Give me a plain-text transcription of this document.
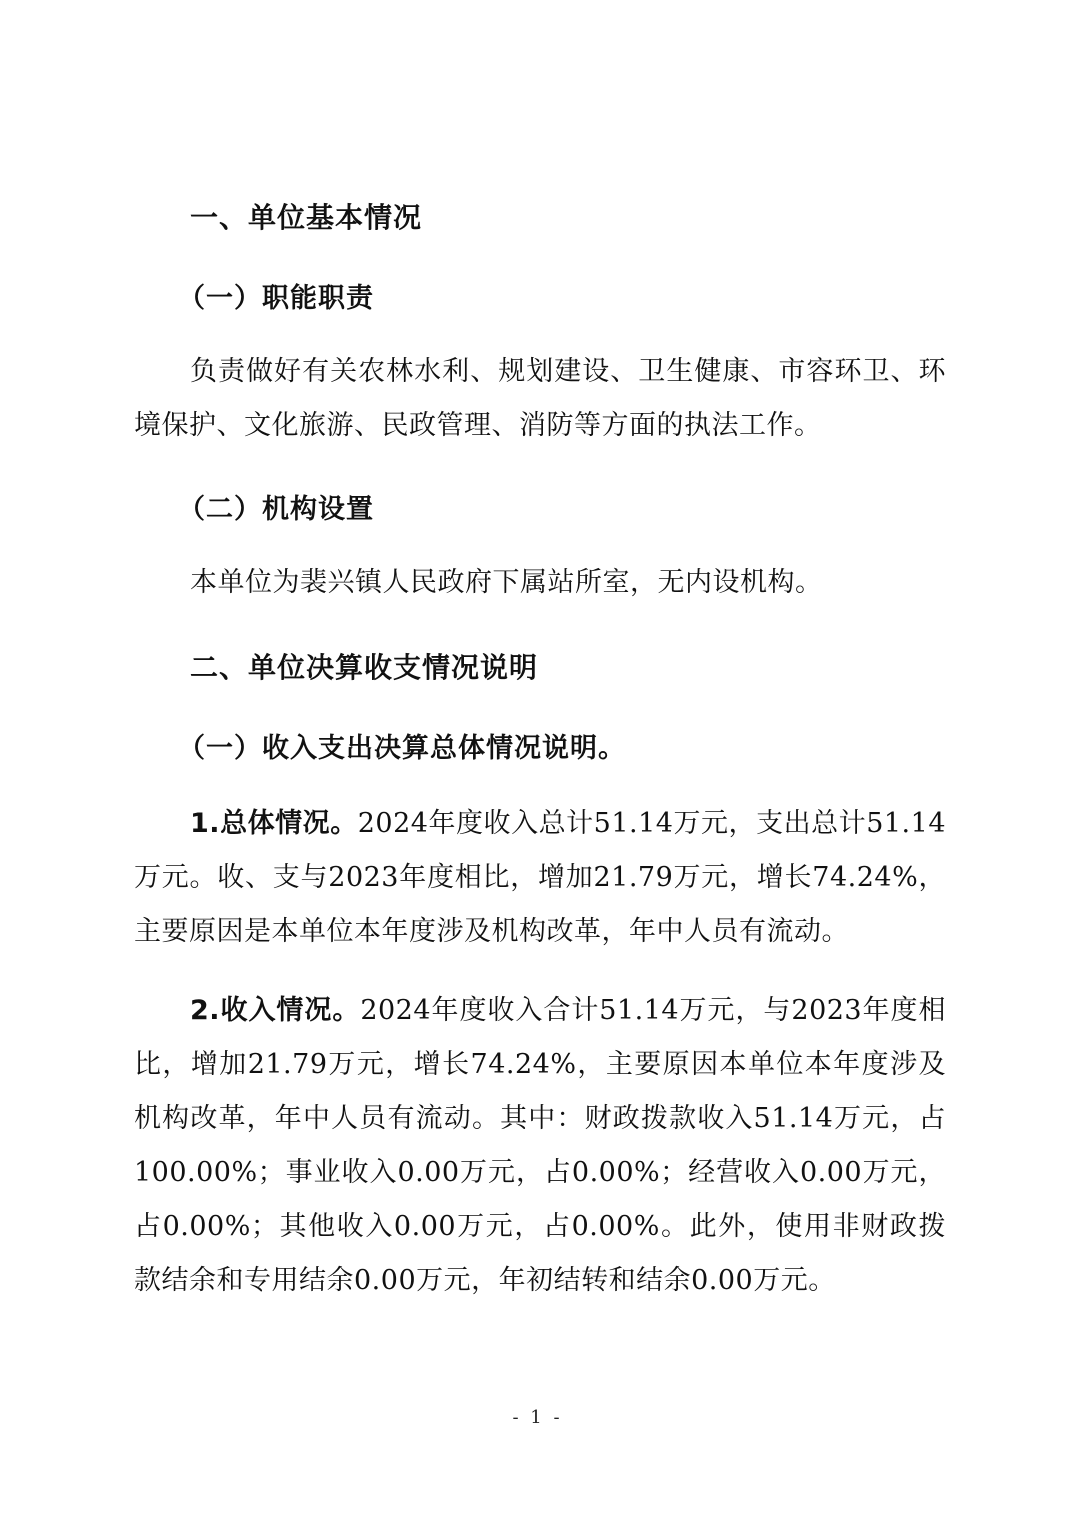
一、单位基本情况
（一）职能职责
负责做好有关农林水利、规划建设、卫生健康、市容环卫、环境保护、文化旅游、民政管理、消防等方面的执法工作。
（二）机构设置
本单位为裴兴镇人民政府下属站所室，无内设机构。
二、单位决算收支情况说明
（一）收入支出决算总体情况说明。
1.总体情况。2024年度收入总计51.14万元，支出总计51.14万元。收、支与2023年度相比，增加21.79万元，增长74.24%，主要原因是本单位本年度涉及机构改革，年中人员有流动。
2.收入情况。2024年度收入合计51.14万元，与2023年度相比，增加21.79万元，增长74.24%，主要原因本单位本年度涉及机构改革，年中人员有流动。其中：财政拨款收入51.14万元，占100.00%；事业收入0.00万元，占0.00%；经营收入0.00万元，占0.00%；其他收入0.00万元，占0.00%。此外，使用非财政拨款结余和专用结余0.00万元，年初结转和结余0.00万元。
- 1 -
